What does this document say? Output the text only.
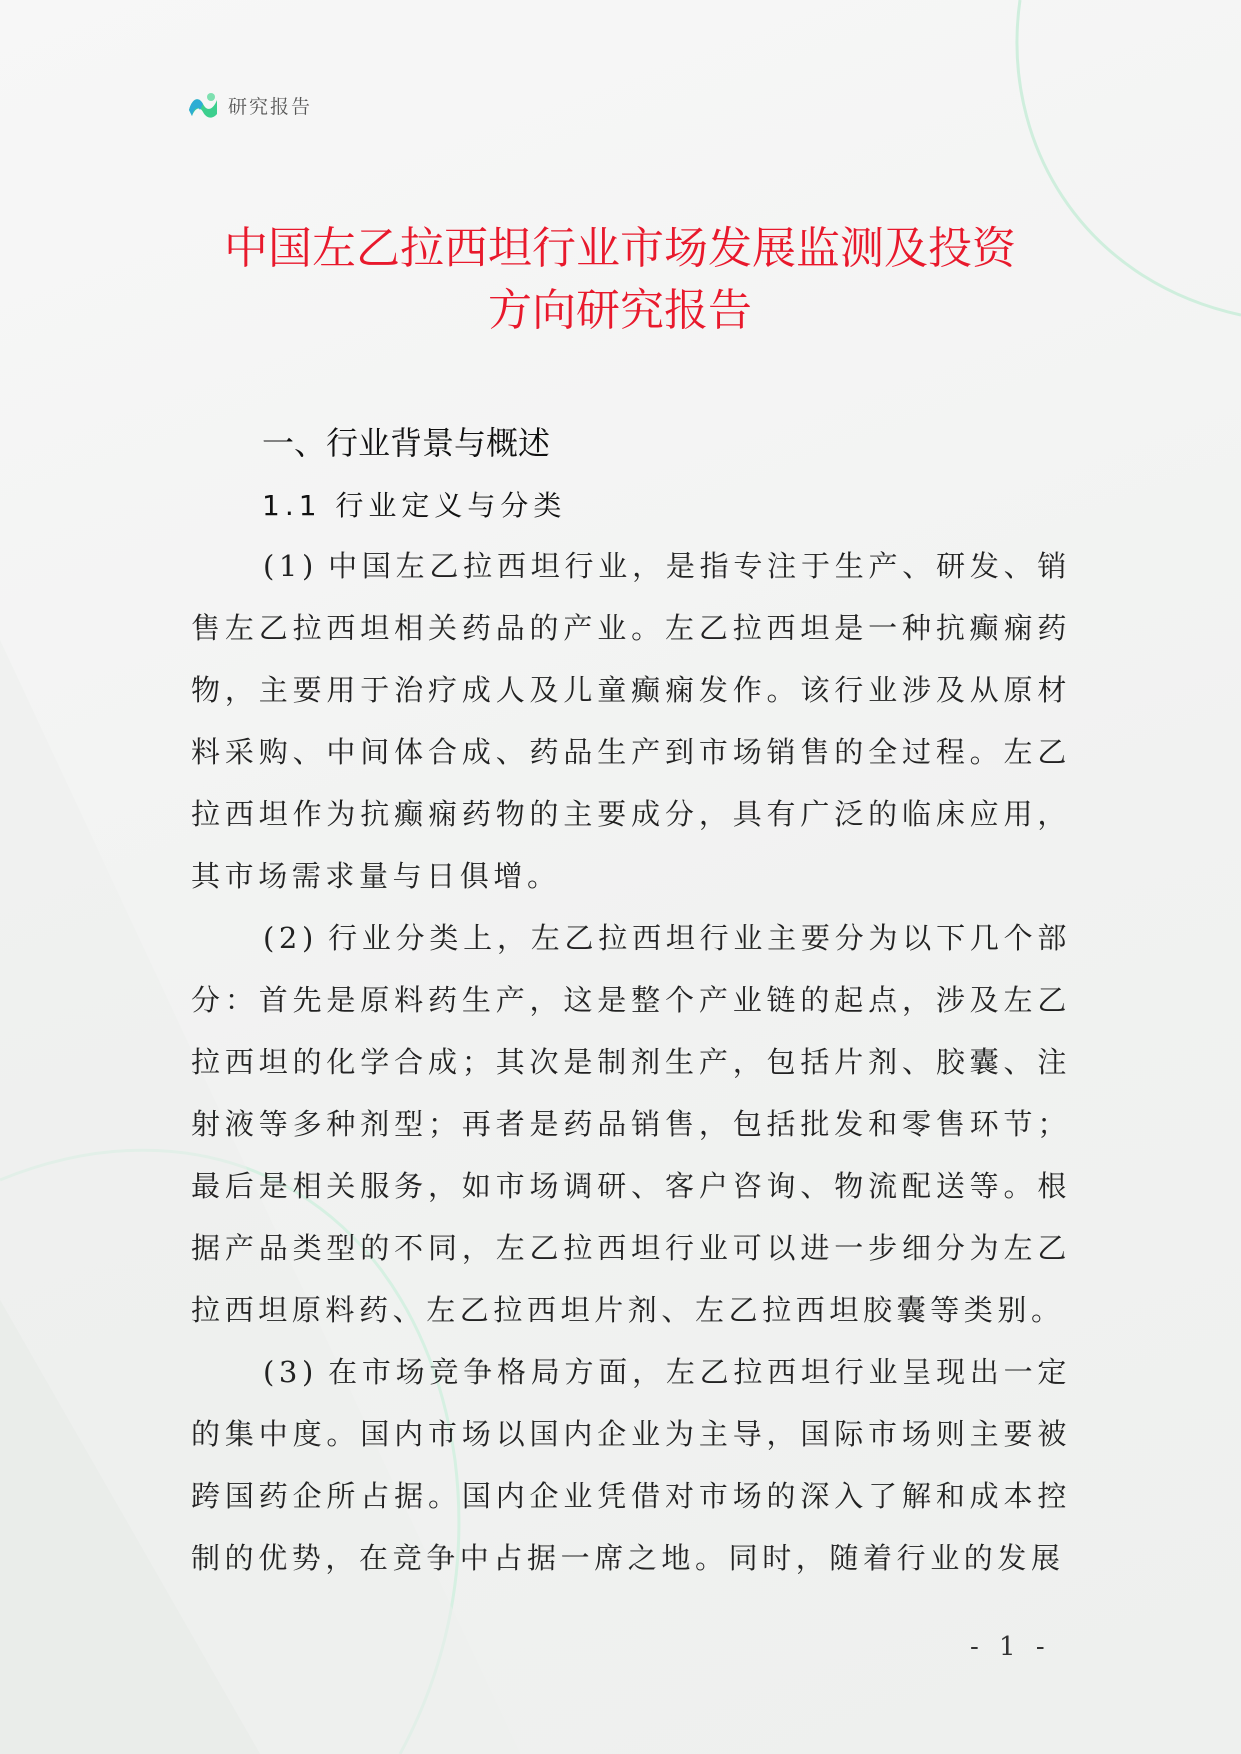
研究报告
中国左乙拉西坦行业市场发展监测及投资
方向研究报告
一、行业背景与概述
1.1 行业定义与分类

(1) 中国左乙拉西坦行业，是指专注于生产、研发、销售左乙拉西坦相关药品的产业。左乙拉西坦是一种抗癫痫药物，主要用于治疗成人及儿童癫痫发作。该行业涉及从原材料采购、中间体合成、药品生产到市场销售的全过程。左乙拉西坦作为抗癫痫药物的主要成分，具有广泛的临床应用，其市场需求量与日俱增。

(2) 行业分类上，左乙拉西坦行业主要分为以下几个部分：首先是原料药生产，这是整个产业链的起点，涉及左乙拉西坦的化学合成；其次是制剂生产，包括片剂、胶囊、注射液等多种剂型；再者是药品销售，包括批发和零售环节；最后是相关服务，如市场调研、客户咨询、物流配送等。根据产品类型的不同，左乙拉西坦行业可以进一步细分为左乙拉西坦原料药、左乙拉西坦片剂、左乙拉西坦胶囊等类别。

(3) 在市场竞争格局方面，左乙拉西坦行业呈现出一定的集中度。国内市场以国内企业为主导，国际市场则主要被跨国药企所占据。国内企业凭借对市场的深入了解和成本控制的优势，在竞争中占据一席之地。同时，随着行业的发展

- 1 -
